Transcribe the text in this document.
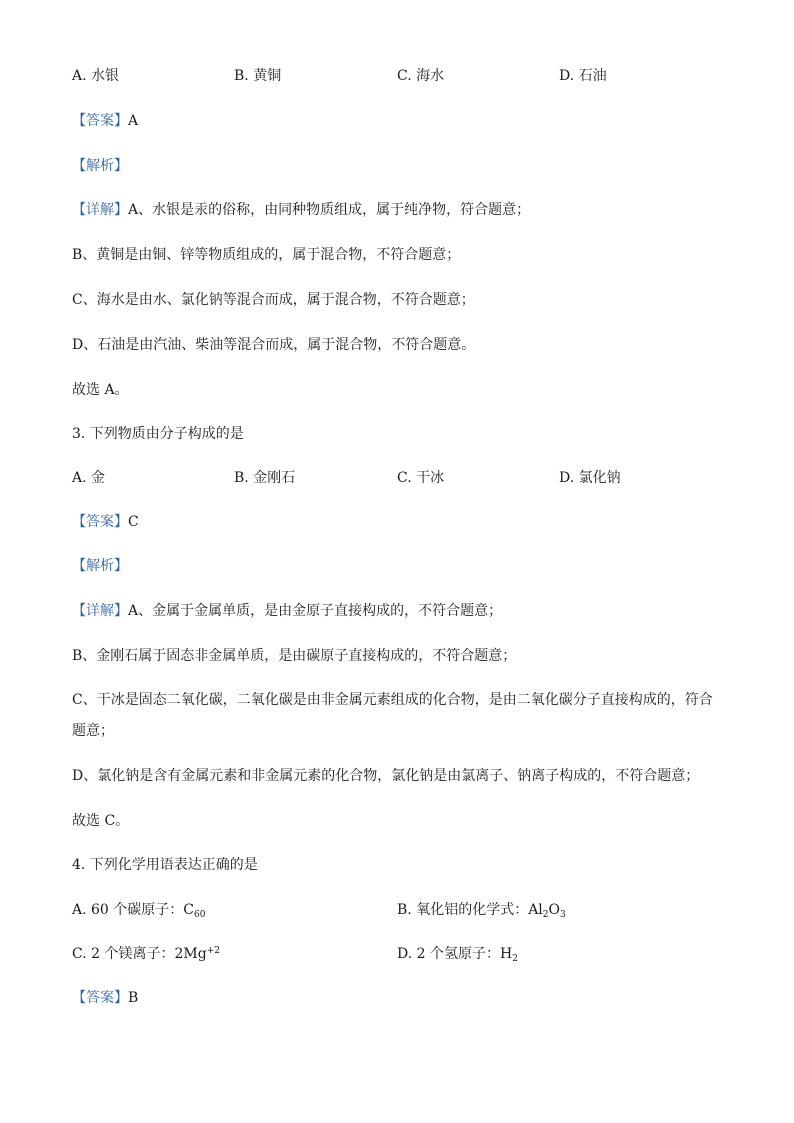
A. 水银	B. 黄铜	C. 海水	D. 石油
【答案】A
【解析】
【详解】A、水银是汞的俗称，由同种物质组成，属于纯净物，符合题意；
B、黄铜是由铜、锌等物质组成的，属于混合物，不符合题意；
C、海水是由水、氯化钠等混合而成，属于混合物，不符合题意；
D、石油是由汽油、柴油等混合而成，属于混合物，不符合题意。
故选 A。
3. 下列物质由分子构成的是
A. 金	B. 金刚石	C. 干冰	D. 氯化钠
【答案】C
【解析】
【详解】A、金属于金属单质，是由金原子直接构成的，不符合题意；
B、金刚石属于固态非金属单质，是由碳原子直接构成的，不符合题意；
C、干冰是固态二氧化碳，二氧化碳是由非金属元素组成的化合物，是由二氧化碳分子直接构成的，符合
题意；
D、氯化钠是含有金属元素和非金属元素的化合物，氯化钠是由氯离子、钠离子构成的，不符合题意；
故选 C。
4. 下列化学用语表达正确的是
A. 60 个碳原子：$C_{60}$	B. 氧化铝的化学式：$Al_2O_3$
C. 2 个镁离子：$2Mg^{+2}$	D. 2 个氢原子：$H_2$
【答案】B
